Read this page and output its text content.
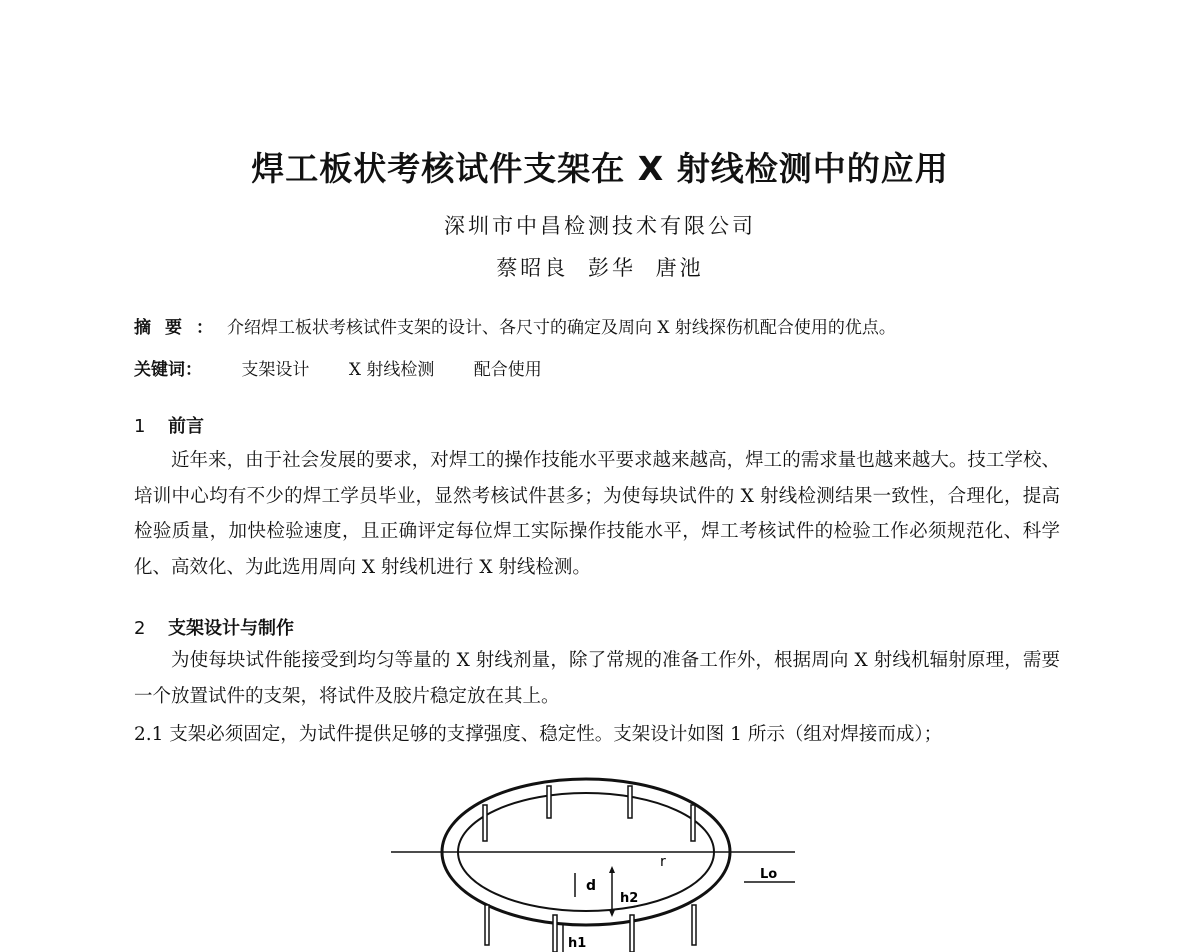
焊工板状考核试件支架在 X 射线检测中的应用
深圳市中昌检测技术有限公司
蔡昭良 彭华 唐池
摘要：介绍焊工板状考核试件支架的设计、各尺寸的确定及周向 X 射线探伤机配合使用的优点。
关键词： 支架设计 X 射线检测 配合使用
1 前言
近年来，由于社会发展的要求，对焊工的操作技能水平要求越来越高，焊工的需求量也越来越大。技工学校、培训中心均有不少的焊工学员毕业，显然考核试件甚多；为使每块试件的 X 射线检测结果一致性，合理化，提高检验质量，加快检验速度，且正确评定每位焊工实际操作技能水平，焊工考核试件的检验工作必须规范化、科学化、高效化、为此选用周向 X 射线机进行 X 射线检测。
2 支架设计与制作
为使每块试件能接受到均匀等量的 X 射线剂量，除了常规的准备工作外，根据周向 X 射线机辐射原理，需要一个放置试件的支架，将试件及胶片稳定放在其上。
2.1 支架必须固定，为试件提供足够的支撑强度、稳定性。支架设计如图 1 所示（组对焊接而成）；
r
Lo
d
h2
h1
